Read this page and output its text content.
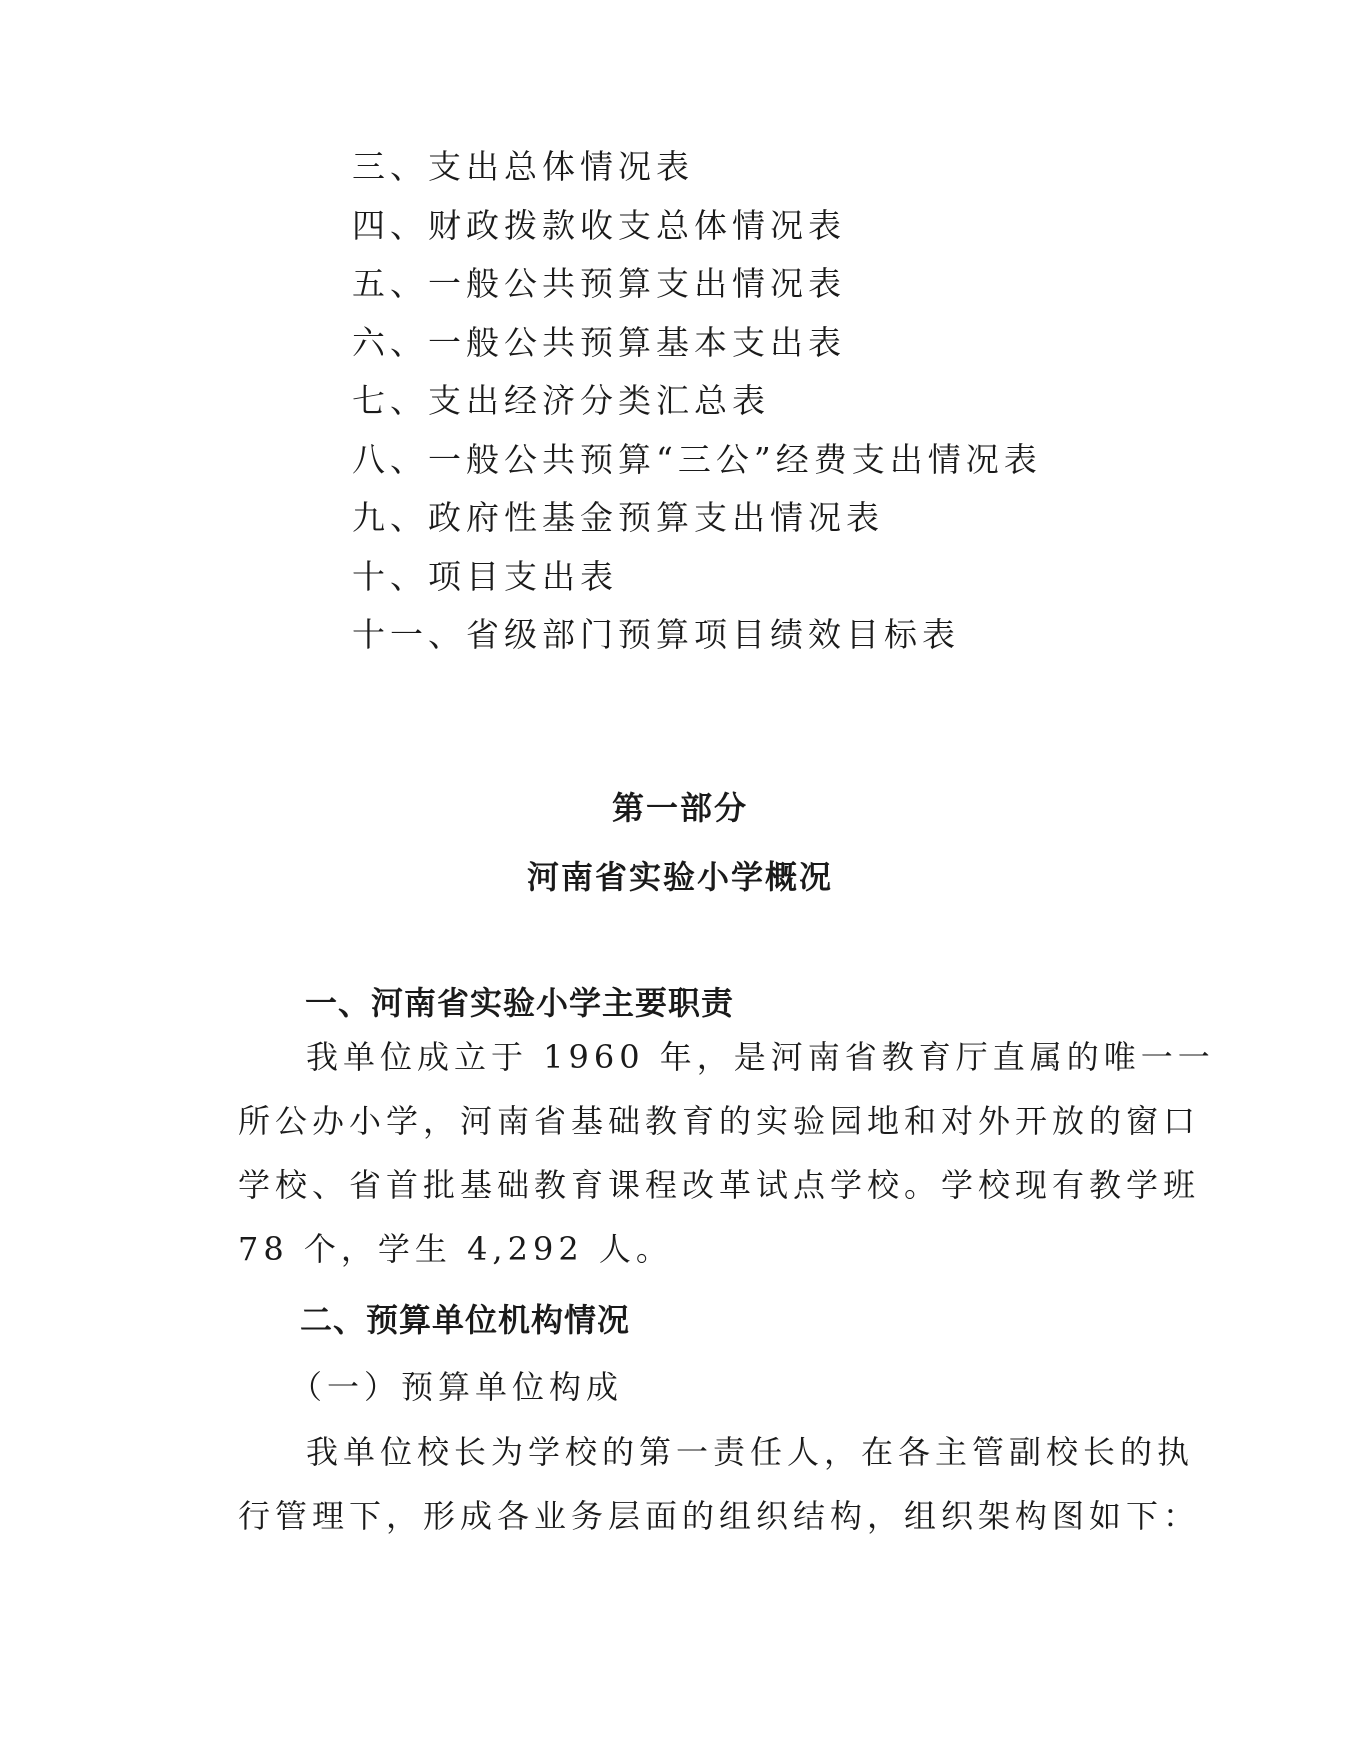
三、支出总体情况表
四、财政拨款收支总体情况表
五、一般公共预算支出情况表
六、一般公共预算基本支出表
七、支出经济分类汇总表
八、一般公共预算“三公”经费支出情况表
九、政府性基金预算支出情况表
十、项目支出表
十一、省级部门预算项目绩效目标表
第一部分
河南省实验小学概况
一、河南省实验小学主要职责
我单位成立于 1960 年，是河南省教育厅直属的唯一一
所公办小学，河南省基础教育的实验园地和对外开放的窗口
学校、省首批基础教育课程改革试点学校。学校现有教学班
78 个，学生 4,292 人。
二、预算单位机构情况
（一）预算单位构成
我单位校长为学校的第一责任人，在各主管副校长的执
行管理下，形成各业务层面的组织结构，组织架构图如下：
